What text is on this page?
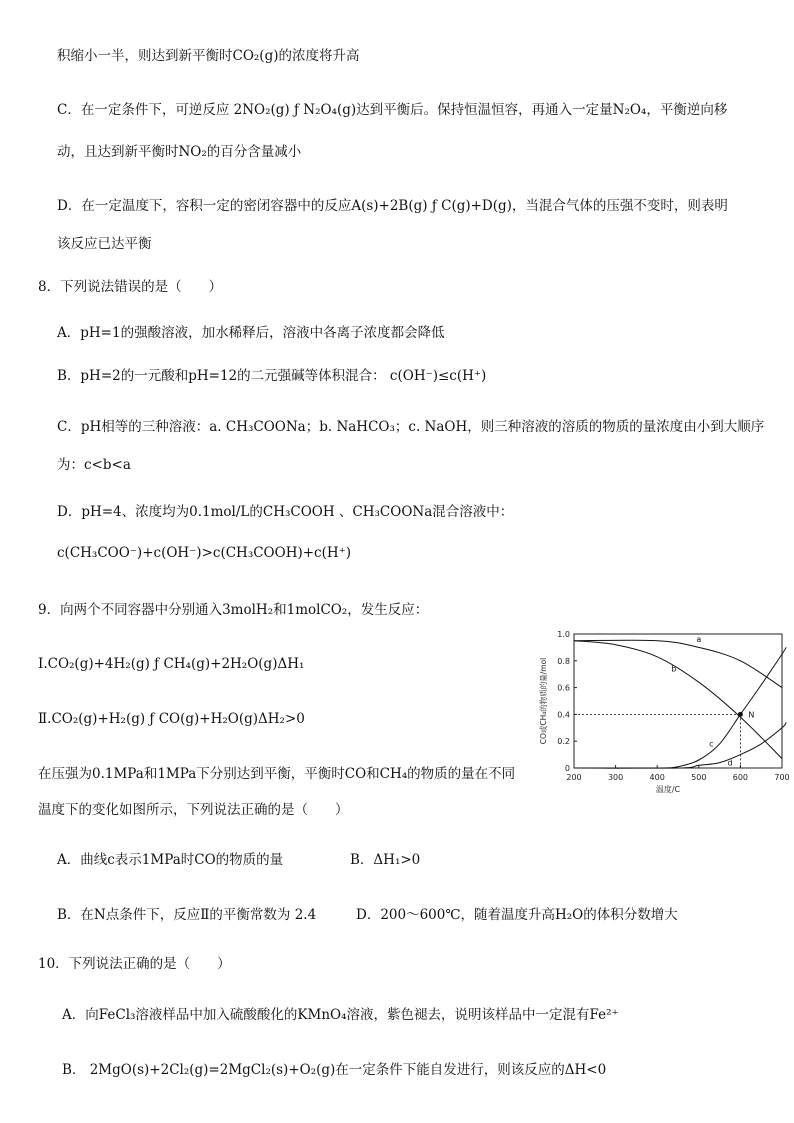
积缩小一半，则达到新平衡时CO₂(g)的浓度将升高
C．在一定条件下，可逆反应 2NO₂(g) ƒ N₂O₄(g)达到平衡后。保持恒温恒容，再通入一定量N₂O₄，平衡逆向移
动，且达到新平衡时NO₂的百分含量减小
D．在一定温度下，容积一定的密闭容器中的反应A(s)+2B(g) ƒ C(g)+D(g)，当混合气体的压强不变时，则表明
该反应已达平衡
8．下列说法错误的是（　　）
A．pH=1的强酸溶液，加水稀释后，溶液中各离子浓度都会降低
B．pH=2的一元酸和pH=12的二元强碱等体积混合： c(OH⁻)≤c(H⁺)
C．pH相等的三种溶液：a. CH₃COONa；b. NaHCO₃；c. NaOH，则三种溶液的溶质的物质的量浓度由小到大顺序
为：c<b<a
D．pH=4、浓度均为0.1mol/L的CH₃COOH 、CH₃COONa混合溶液中：
c(CH₃COO⁻)+c(OH⁻)>c(CH₃COOH)+c(H⁺)
9．向两个不同容器中分别通入3molH₂和1molCO₂，发生反应：
Ⅰ.CO₂(g)+4H₂(g) ƒ CH₄(g)+2H₂O(g)ΔH₁
Ⅱ.CO₂(g)+H₂(g) ƒ CO(g)+H₂O(g)ΔH₂>0
在压强为0.1MPa和1MPa下分别达到平衡，平衡时CO和CH₄的物质的量在不同
温度下的变化如图所示，下列说法正确的是（　　）
A．曲线c表示1MPa时CO的物质的量	B．ΔH₁>0
B．在N点条件下，反应Ⅱ的平衡常数为 2.4	D．200～600℃，随着温度升高H₂O的体积分数增大
10．下列说法正确的是（　　）
A．向FeCl₃溶液样品中加入硫酸酸化的KMnO₄溶液，紫色褪去，说明该样品中一定混有Fe²⁺
B． 2MgO(s)+2Cl₂(g)=2MgCl₂(s)+O₂(g)在一定条件下能自发进行，则该反应的ΔH<0
200	300	400	500	600	700
0
0.2
0.4
0.6
0.8
1.0
温度/C
CO或CH₄的物质的量/mol
a
b
c
d
N
